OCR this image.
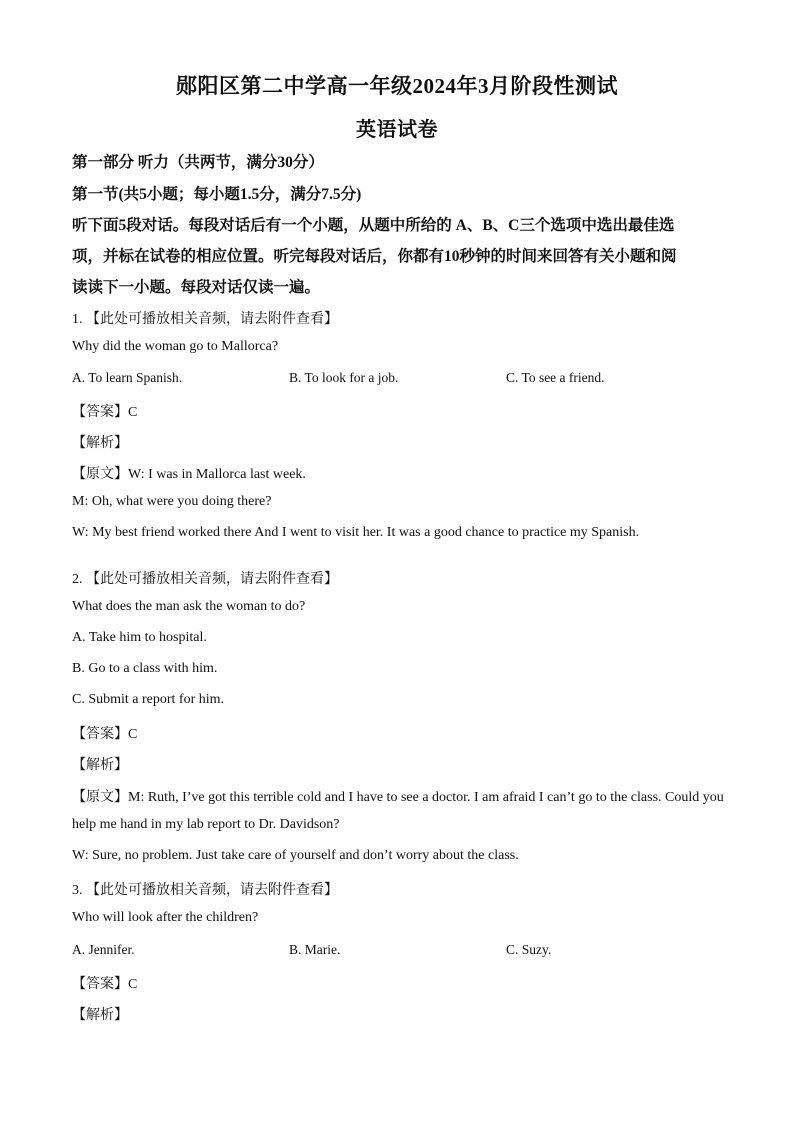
郧阳区第二中学高一年级2024年3月阶段性测试
英语试卷
第一部分 听力（共两节，满分30分）
第一节(共5小题；每小题1.5分，满分7.5分)
听下面5段对话。每段对话后有一个小题，从题中所给的 A、B、C三个选项中选出最佳选
项，并标在试卷的相应位置。听完每段对话后，你都有10秒钟的时间来回答有关小题和阅
读读下一小题。每段对话仅读一遍。
1. 【此处可播放相关音频，请去附件查看】
Why did the woman go to Mallorca?
A. To learn Spanish.	B. To look for a job.	C. To see a friend.
【答案】C
【解析】
【原文】W: I was in Mallorca last week.
M: Oh, what were you doing there?
W: My best friend worked there And I went to visit her. It was a good chance to practice my Spanish.
2. 【此处可播放相关音频，请去附件查看】
What does the man ask the woman to do?
A. Take him to hospital.
B. Go to a class with him.
C. Submit a report for him.
【答案】C
【解析】
【原文】M: Ruth, I’ve got this terrible cold and I have to see a doctor. I am afraid I can’t go to the class. Could you
help me hand in my lab report to Dr. Davidson?
W: Sure, no problem. Just take care of yourself and don’t worry about the class.
3. 【此处可播放相关音频，请去附件查看】
Who will look after the children?
A. Jennifer.	B. Marie.	C. Suzy.
【答案】C
【解析】
